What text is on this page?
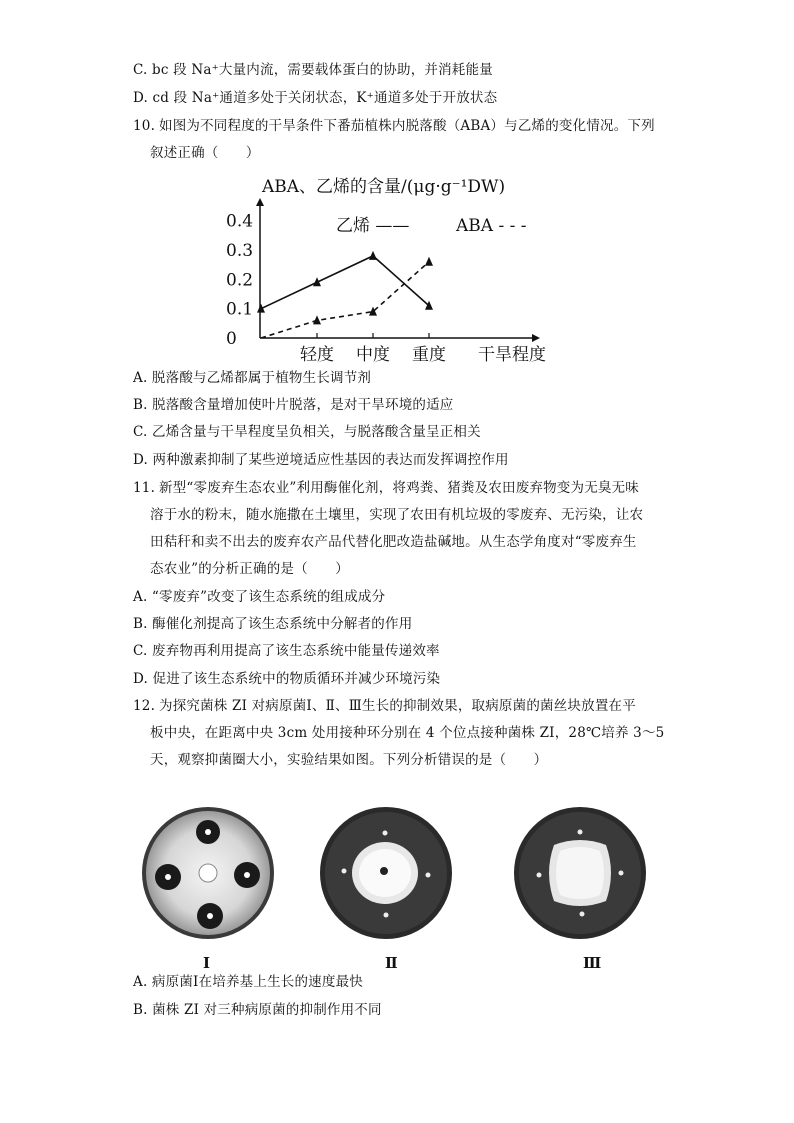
C. bc 段 Na⁺大量内流，需要载体蛋白的协助，并消耗能量
D. cd 段 Na⁺通道多处于关闭状态，K⁺通道多处于开放状态
10. 如图为不同程度的干旱条件下番茄植株内脱落酸（ABA）与乙烯的变化情况。下列
叙述正确（　　）
ABA、乙烯的含量/(μg·g⁻¹DW)
乙烯 ——	ABA - - -
0
0.1
0.2
0.3
0.4
轻度 中度 重度 干旱程度
A. 脱落酸与乙烯都属于植物生长调节剂
B. 脱落酸含量增加使叶片脱落，是对干旱环境的适应
C. 乙烯含量与干旱程度呈负相关，与脱落酸含量呈正相关
D. 两种激素抑制了某些逆境适应性基因的表达而发挥调控作用
11. 新型“零废弃生态农业”利用酶催化剂，将鸡粪、猪粪及农田废弃物变为无臭无味
溶于水的粉末，随水施撒在土壤里，实现了农田有机垃圾的零废弃、无污染，让农
田秸秆和卖不出去的废弃农产品代替化肥改造盐碱地。从生态学角度对“零废弃生
态农业”的分析正确的是（　　）
A. “零废弃”改变了该生态系统的组成成分
B. 酶催化剂提高了该生态系统中分解者的作用
C. 废弃物再利用提高了该生态系统中能量传递效率
D. 促进了该生态系统中的物质循环并减少环境污染
12. 为探究菌株 ZI 对病原菌Ⅰ、Ⅱ、Ⅲ生长的抑制效果，取病原菌的菌丝块放置在平
板中央，在距离中央 3cm 处用接种环分别在 4 个位点接种菌株 ZI，28℃培养 3～5
天，观察抑菌圈大小，实验结果如图。下列分析错误的是（　　）
Ⅰ	Ⅱ	Ⅲ
A. 病原菌Ⅰ在培养基上生长的速度最快
B. 菌株 ZI 对三种病原菌的抑制作用不同
